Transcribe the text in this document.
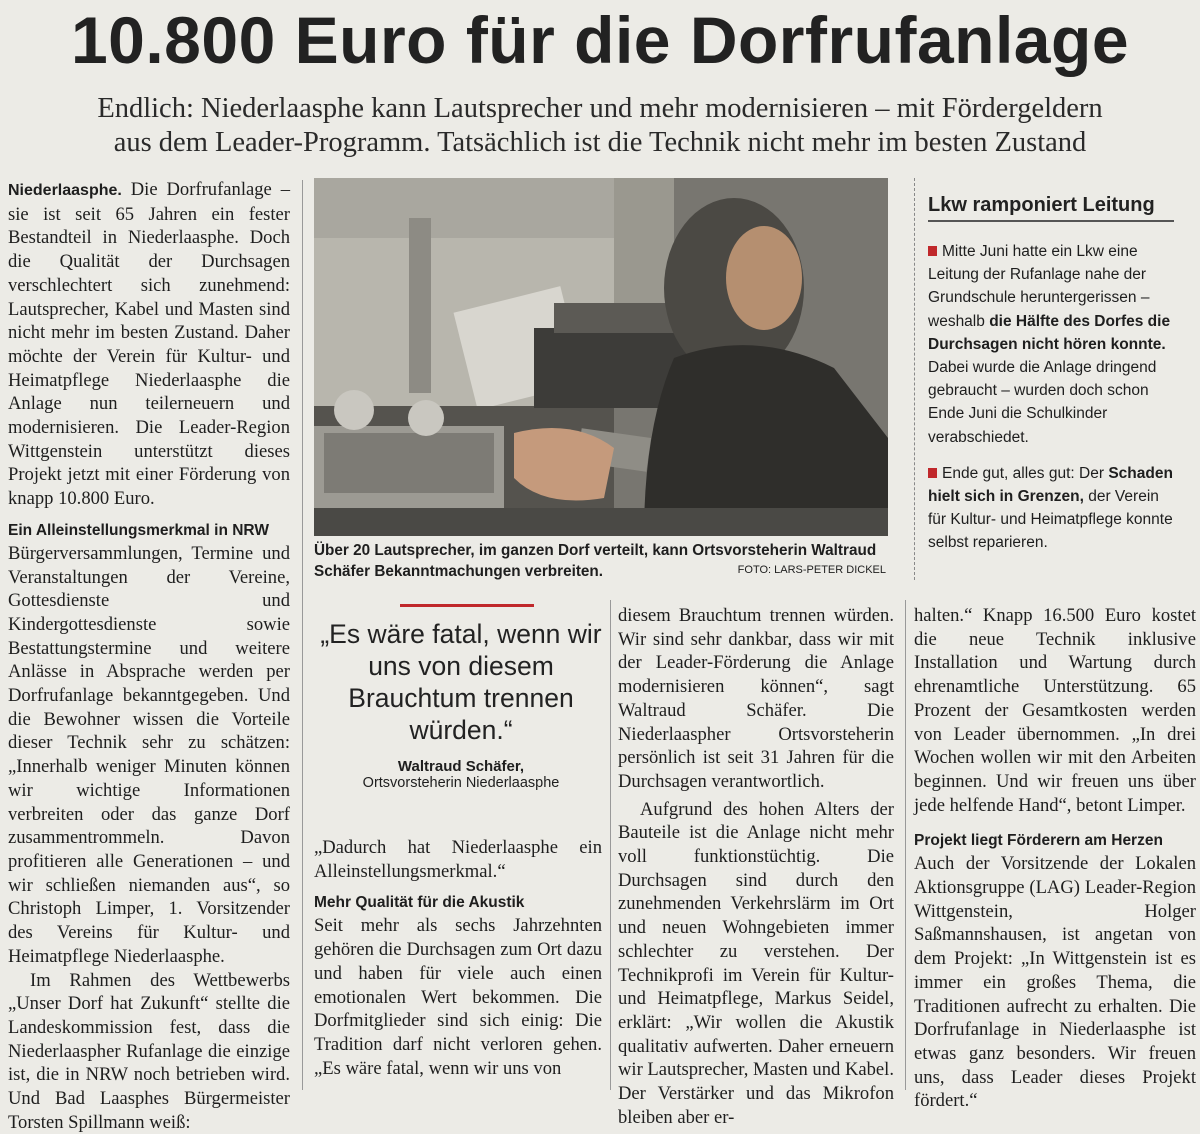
10.800 Euro für die Dorfrufanlage
Endlich: Niederlaasphe kann Lautsprecher und mehr modernisieren – mit Fördergeldern
aus dem Leader-Programm. Tatsächlich ist die Technik nicht mehr im besten Zustand

Niederlaasphe. Die Dorfrufanlage – sie ist seit 65 Jahren ein fester Bestandteil in Niederlaasphe. Doch die Qualität der Durchsagen verschlechtert sich zunehmend: Lautsprecher, Kabel und Masten sind nicht mehr im besten Zustand. Daher möchte der Verein für Kultur- und Heimatpflege Niederlaasphe die Anlage nun teilerneuern und modernisieren. Die Leader-Region Wittgenstein unterstützt dieses Projekt jetzt mit einer Förderung von knapp 10.800 Euro.

Ein Alleinstellungsmerkmal in NRW

Bürgerversammlungen, Termine und Veranstaltungen der Vereine, Gottesdienste und Kindergottesdienste sowie Bestattungstermine und weitere Anlässe in Absprache werden per Dorfrufanlage bekanntgegeben. Und die Bewohner wissen die Vorteile dieser Technik sehr zu schätzen: „Innerhalb weniger Minuten können wir wichtige Informationen verbreiten oder das ganze Dorf zusammentrommeln. Davon profitieren alle Generationen – und wir schließen niemanden aus“, so Christoph Limper, 1. Vorsitzender des Vereins für Kultur- und Heimatpflege Niederlaasphe.

Im Rahmen des Wettbewerbs „Unser Dorf hat Zukunft“ stellte die Landeskommission fest, dass die Niederlaaspher Rufanlage die einzige ist, die in NRW noch betrieben wird. Und Bad Laasphes Bürgermeister Torsten Spillmann weiß:

Über 20 Lautsprecher, im ganzen Dorf verteilt, kann Ortsvorsteherin Waltraud Schäfer Bekanntmachungen verbreiten.	FOTO: LARS-PETER DICKEL
Lkw ramponiert Leitung

Mitte Juni hatte ein Lkw eine Leitung der Rufanlage nahe der Grundschule heruntergerissen – weshalb die Hälfte des Dorfes die Durchsagen nicht hören konnte. Dabei wurde die Anlage dringend gebraucht – wurden doch schon Ende Juni die Schulkinder verabschiedet.

Ende gut, alles gut: Der Schaden hielt sich in Grenzen, der Verein für Kultur- und Heimatpflege konnte selbst reparieren.

„Es wäre fatal, wenn wir uns von diesem Brauchtum trennen würden.“
Waltraud Schäfer,
Ortsvorsteherin Niederlaasphe

„Dadurch hat Niederlaasphe ein Alleinstellungsmerkmal.“

Mehr Qualität für die Akustik

Seit mehr als sechs Jahrzehnten gehören die Durchsagen zum Ort dazu und haben für viele auch einen emotionalen Wert bekommen. Die Dorfmitglieder sind sich einig: Die Tradition darf nicht verloren gehen. „Es wäre fatal, wenn wir uns von

diesem Brauchtum trennen würden. Wir sind sehr dankbar, dass wir mit der Leader-Förderung die Anlage modernisieren können“, sagt Waltraud Schäfer. Die Niederlaaspher Ortsvorsteherin persönlich ist seit 31 Jahren für die Durchsagen verantwortlich.

Aufgrund des hohen Alters der Bauteile ist die Anlage nicht mehr voll funktionstüchtig. Die Durchsagen sind durch den zunehmenden Verkehrslärm im Ort und neuen Wohngebieten immer schlechter zu verstehen. Der Technikprofi im Verein für Kultur- und Heimatpflege, Markus Seidel, erklärt: „Wir wollen die Akustik qualitativ aufwerten. Daher erneuern wir Lautsprecher, Masten und Kabel. Der Verstärker und das Mikrofon bleiben aber er-

halten.“ Knapp 16.500 Euro kostet die neue Technik inklusive Installation und Wartung durch ehrenamtliche Unterstützung. 65 Prozent der Gesamtkosten werden von Leader übernommen. „In drei Wochen wollen wir mit den Arbeiten beginnen. Und wir freuen uns über jede helfende Hand“, betont Limper.

Projekt liegt Förderern am Herzen

Auch der Vorsitzende der Lokalen Aktionsgruppe (LAG) Leader-Region Wittgenstein, Holger Saßmannshausen, ist angetan von dem Projekt: „In Wittgenstein ist es immer ein großes Thema, die Traditionen aufrecht zu erhalten. Die Dorfrufanlage in Niederlaasphe ist etwas ganz besonders. Wir freuen uns, dass Leader dieses Projekt fördert.“
